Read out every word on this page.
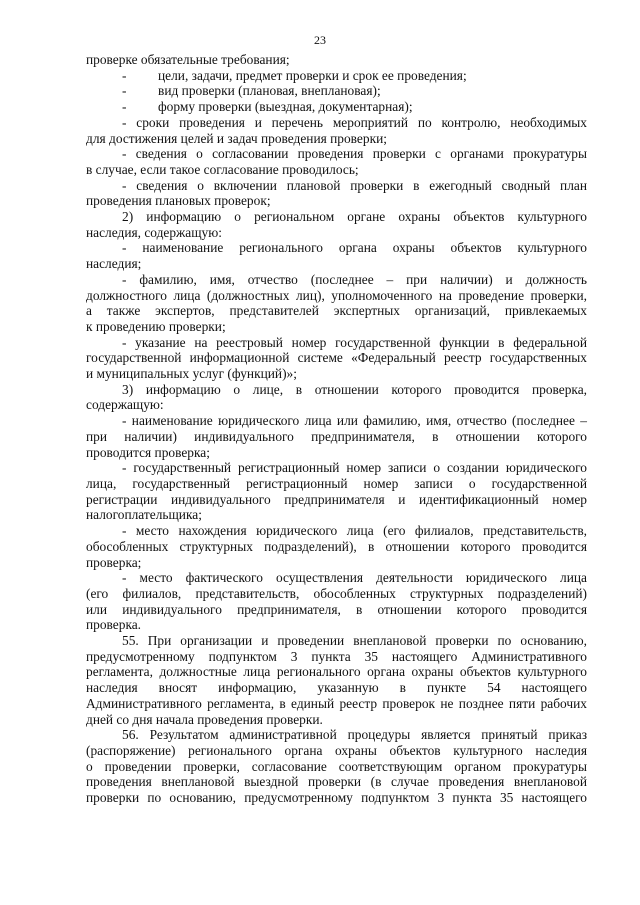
23

проверке обязательные требования;

-	цели, задачи, предмет проверки и срок ее проведения;

-	вид проверки (плановая, внеплановая);

-	форму проверки (выездная, документарная);

- сроки проведения и перечень мероприятий по контролю, необходимых

для достижения целей и задач проведения проверки;

- сведения о согласовании проведения проверки с органами прокуратуры

в случае, если такое согласование проводилось;

- сведения о включении плановой проверки в ежегодный сводный план

проведения плановых проверок;

2) информацию о региональном органе охраны объектов культурного

наследия, содержащую:

- наименование регионального органа охраны объектов культурного

наследия;

- фамилию, имя, отчество (последнее – при наличии) и должность

должностного лица (должностных лиц), уполномоченного на проведение проверки,

а также экспертов, представителей экспертных организаций, привлекаемых

к проведению проверки;

- указание на реестровый номер государственной функции в федеральной

государственной информационной системе «Федеральный реестр государственных

и муниципальных услуг (функций)»;

3) информацию о лице, в отношении которого проводится проверка,

содержащую:

- наименование юридического лица или фамилию, имя, отчество (последнее –

при наличии) индивидуального предпринимателя, в отношении которого

проводится проверка;

- государственный регистрационный номер записи о создании юридического

лица, государственный регистрационный номер записи о государственной

регистрации индивидуального предпринимателя и идентификационный номер

налогоплательщика;

- место нахождения юридического лица (его филиалов, представительств,

обособленных структурных подразделений), в отношении которого проводится

проверка;

- место фактического осуществления деятельности юридического лица

(его филиалов, представительств, обособленных структурных подразделений)

или индивидуального предпринимателя, в отношении которого проводится

проверка.

55. При организации и проведении внеплановой проверки по основанию,

предусмотренному подпунктом 3 пункта 35 настоящего Административного

регламента, должностные лица регионального органа охраны объектов культурного

наследия вносят информацию, указанную в пункте 54 настоящего

Административного регламента, в единый реестр проверок не позднее пяти рабочих

дней со дня начала проведения проверки.

56. Результатом административной процедуры является принятый приказ

(распоряжение) регионального органа охраны объектов культурного наследия

о проведении проверки, согласование соответствующим органом прокуратуры

проведения внеплановой выездной проверки (в случае проведения внеплановой

проверки по основанию, предусмотренному подпунктом 3 пункта 35 настоящего
